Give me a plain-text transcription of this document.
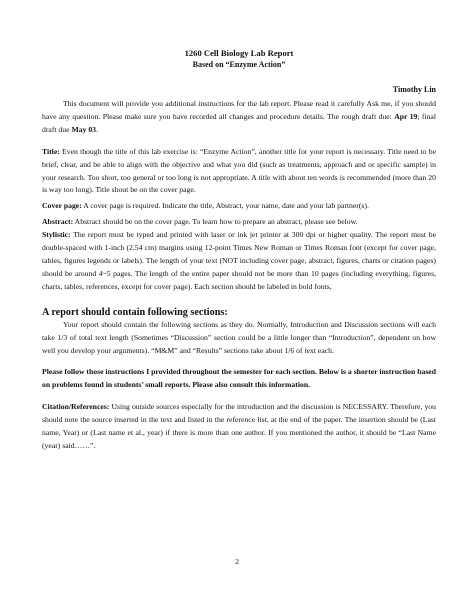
1260 Cell Biology Lab Report

Based on “Enzyme Action”

Timothy Lin

This document will provide you additional instructions for the lab report. Please read it carefully Ask me, if you should have any question. Please make sure you have recorded all changes and procedure details. The rough draft due: Apr 19; final draft due May 03.

Title: Even though the title of this lab exercise is: “Enzyme Action”, another title for your report is necessary. Title need to be brief, clear, and be able to align with the objective and what you did (such as treatments, approach and or specific sample) in your research. Too short, too general or too long is not appropriate. A title with about ten words is recommended (more than 20 is way too long). Title shout be on the cover page.

Cover page: A cover page is required. Indicate the title, Abstract, your name, date and your lab partner(s).

Abstract: Abstract should be on the cover page. To learn how to prepare an abstract, please see below.

Stylistic: The report must be typed and printed with laser or ink jet printer at 300 dpi or higher quality. The report must be double-spaced with 1-inch (2.54 cm) margins using 12-point Times New Roman or Times Roman font (except for cover page, tables, figures legends or labels). The length of your text (NOT including cover page, abstract, figures, charts or citation pages) should be around 4~5 pages. The length of the entire paper should not be more than 10 pages (including everything, figures, charts, tables, references, except for cover page). Each section should be labeled in bold fonts,

A report should contain following sections:

Your report should contain the following sections as they do. Normally, Introduction and Discussion sections will each take 1/3 of total text length (Sometimes “Discussion” section could be a little longer than “Introduction”, dependent on how well you develop your arguments). “M&M” and “Results” sections take about 1/6 of text each.

Please follow those instructions I provided throughout the semester for each section. Below is a shorter instruction based on problems found in students’ small reports. Please also consult this information.

Citation/References: Using outside sources especially for the introduction and the discussion is NECESSARY. Therefore, you should note the source inserted in the text and listed in the reference list, at the end of the paper. The insertion should be (Last name, Year) or (Last name et al., year) if there is more than one author. If you mentioned the author, it should be “Last Name (year) said……”.

2
